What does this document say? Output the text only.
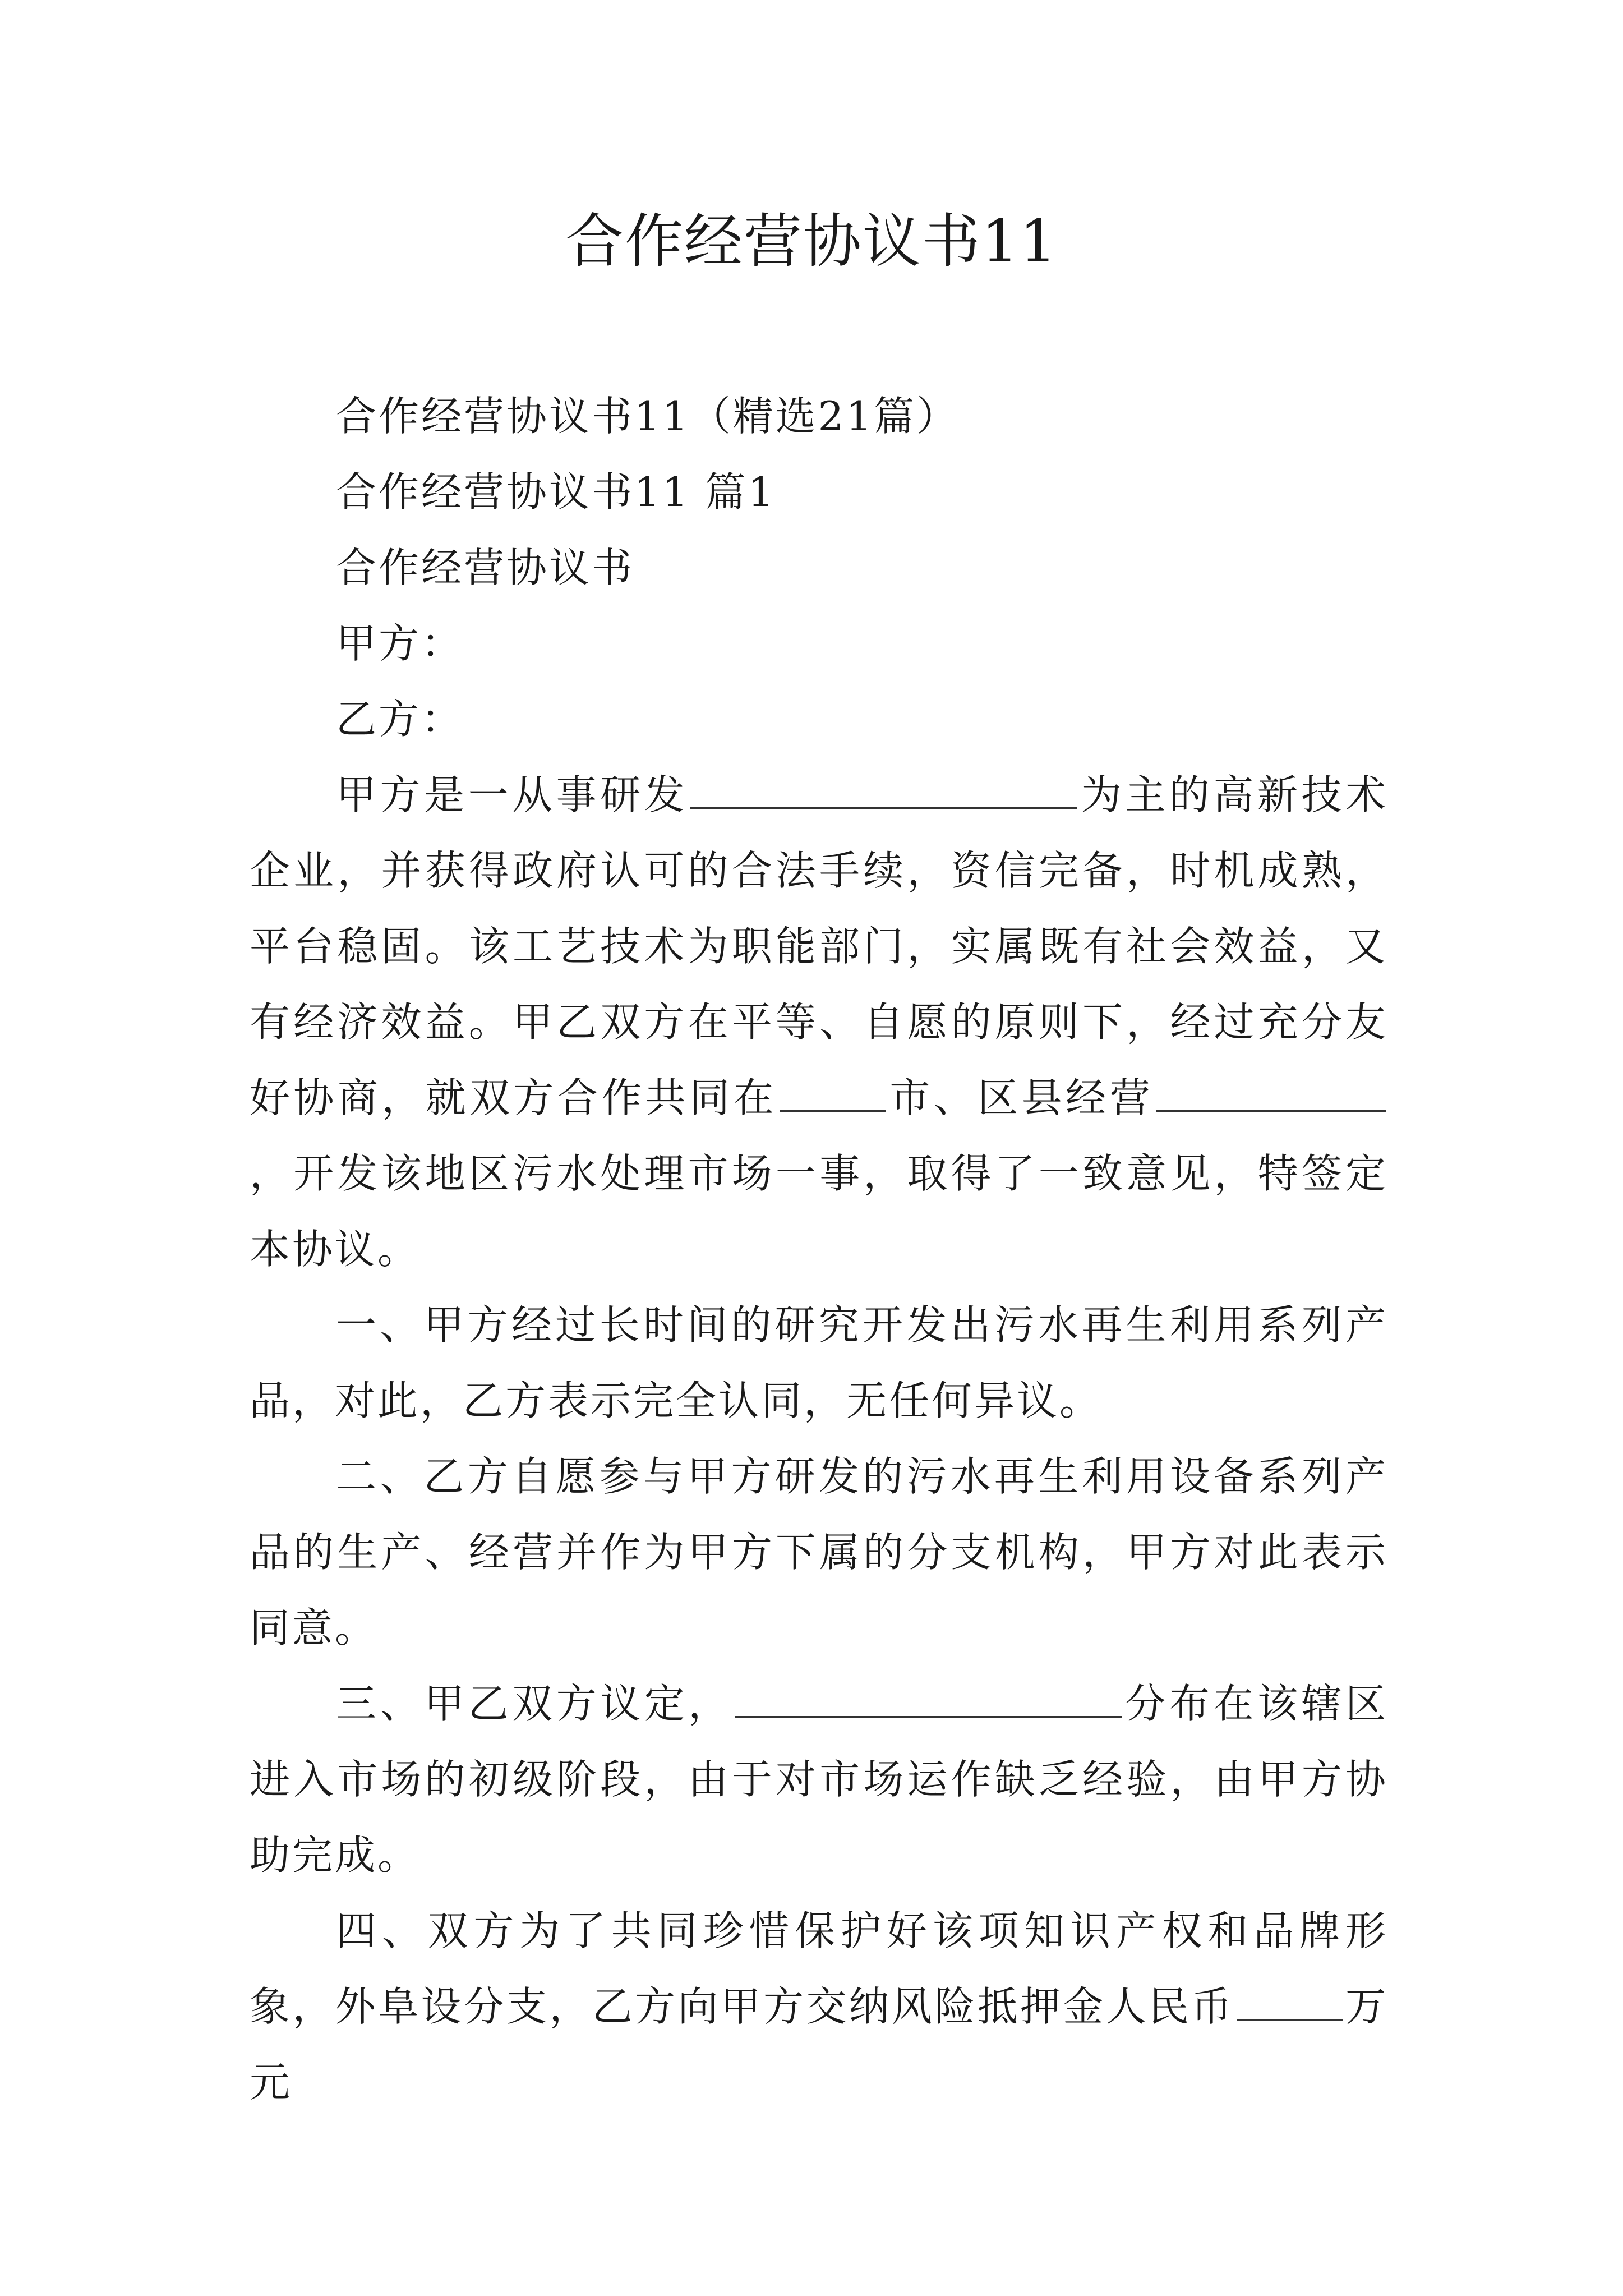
合作经营协议书11

合作经营协议书11（精选21篇）

合作经营协议书11 篇1

合作经营协议书

甲方：

乙方：

甲方是一从事研发	为主的高新技术企业，并获得政府认可的合法手续，资信完备，时机成熟，平台稳固。该工艺技术为职能部门，实属既有社会效益，又有经济效益。甲乙双方在平等、自愿的原则下，经过充分友好协商，就双方合作共同在	市、区县经营，开发该地区污水处理市场一事，取得了一致意见，特签定本协议。

一、甲方经过长时间的研究开发出污水再生利用系列产品，对此，乙方表示完全认同，无任何异议。

二、乙方自愿参与甲方研发的污水再生利用设备系列产品的生产、经营并作为甲方下属的分支机构，甲方对此表示同意。

三、甲乙双方议定，	分布在该辖区进入市场的初级阶段，由于对市场运作缺乏经验，由甲方协助完成。

四、双方为了共同珍惜保护好该项知识产权和品牌形象，外阜设分支，乙方向甲方交纳风险抵押金人民币	万元
